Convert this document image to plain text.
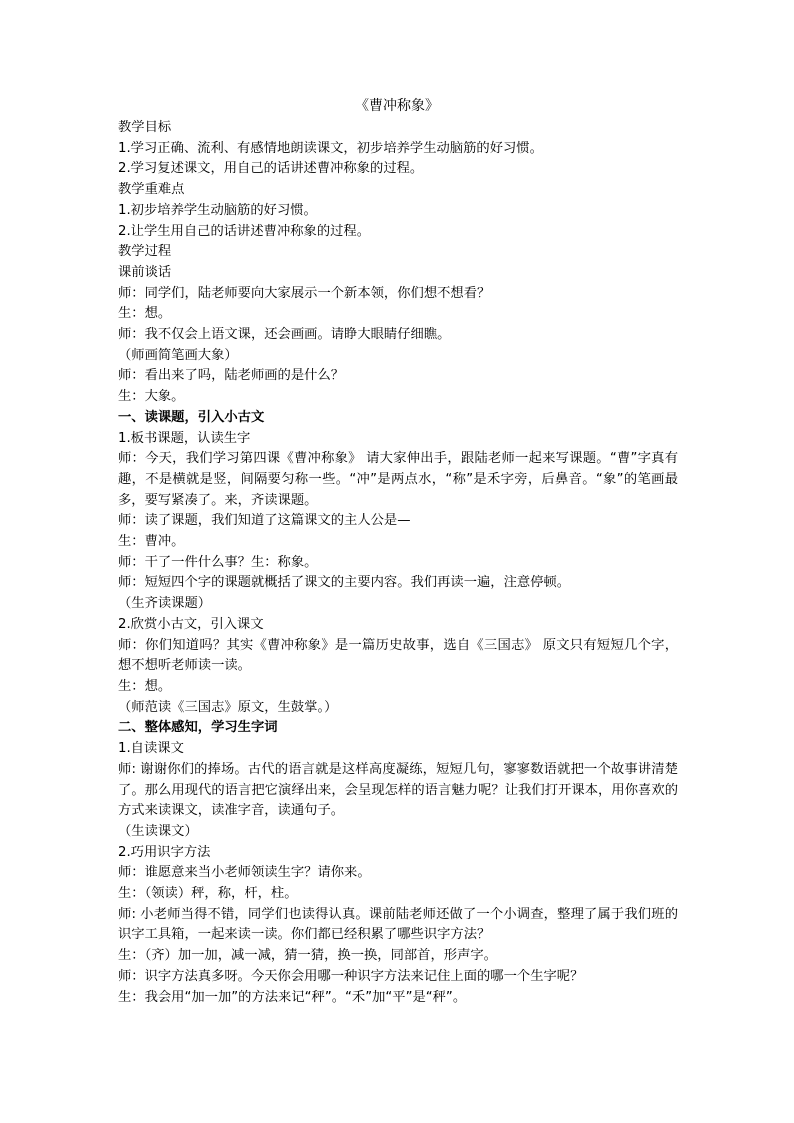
《曹冲称象》

教学目标

1.学习正确、流利、有感情地朗读课文，初步培养学生动脑筋的好习惯。

2.学习复述课文，用自己的话讲述曹冲称象的过程。

教学重难点

1.初步培养学生动脑筋的好习惯。

2.让学生用自己的话讲述曹冲称象的过程。

教学过程

课前谈话

师：同学们，陆老师要向大家展示一个新本领，你们想不想看？

生：想。

师：我不仅会上语文课，还会画画。请睁大眼睛仔细瞧。

（师画简笔画大象）

师：看出来了吗，陆老师画的是什么？

生：大象。

一、读课题，引入小古文

1.板书课题，认读生字

师：今天，我们学习第四课《曹冲称象》 请大家伸出手，跟陆老师一起来写课题。“曹”字真有趣，不是横就是竖，间隔要匀称一些。“冲”是两点水，“称”是禾字旁，后鼻音。“象”的笔画最多，要写紧凑了。来，齐读课题。

师：读了课题，我们知道了这篇课文的主人公是—

生：曹冲。

师：干了一件什么事？生：称象。

师：短短四个字的课题就概括了课文的主要内容。我们再读一遍，注意停顿。

（生齐读课题）

2.欣赏小古文，引入课文

师：你们知道吗？其实《曹冲称象》是一篇历史故事，选自《三国志》 原文只有短短几个字，想不想听老师读一读。

生：想。

（师范读《三国志》原文，生鼓掌。）

二、整体感知，学习生字词

1.自读课文

师: 谢谢你们的捧场。古代的语言就是这样高度凝练，短短几句，寥寥数语就把一个故事讲清楚了。那么用现代的语言把它演绎出来，会呈现怎样的语言魅力呢？让我们打开课本，用你喜欢的方式来读课文，读准字音，读通句子。

（生读课文）

2.巧用识字方法

师：谁愿意来当小老师领读生字？请你来。

生：（领读）秤，称，杆，柱。

师: 小老师当得不错，同学们也读得认真。课前陆老师还做了一个小调查，整理了属于我们班的识字工具箱，一起来读一读。你们都已经积累了哪些识字方法？

生：（齐）加一加，减一减，猜一猜，换一换，同部首，形声字。

师：识字方法真多呀。今天你会用哪一种识字方法来记住上面的哪一个生字呢？

生：我会用“加一加”的方法来记“秤”。“禾”加“平”是“秤”。
